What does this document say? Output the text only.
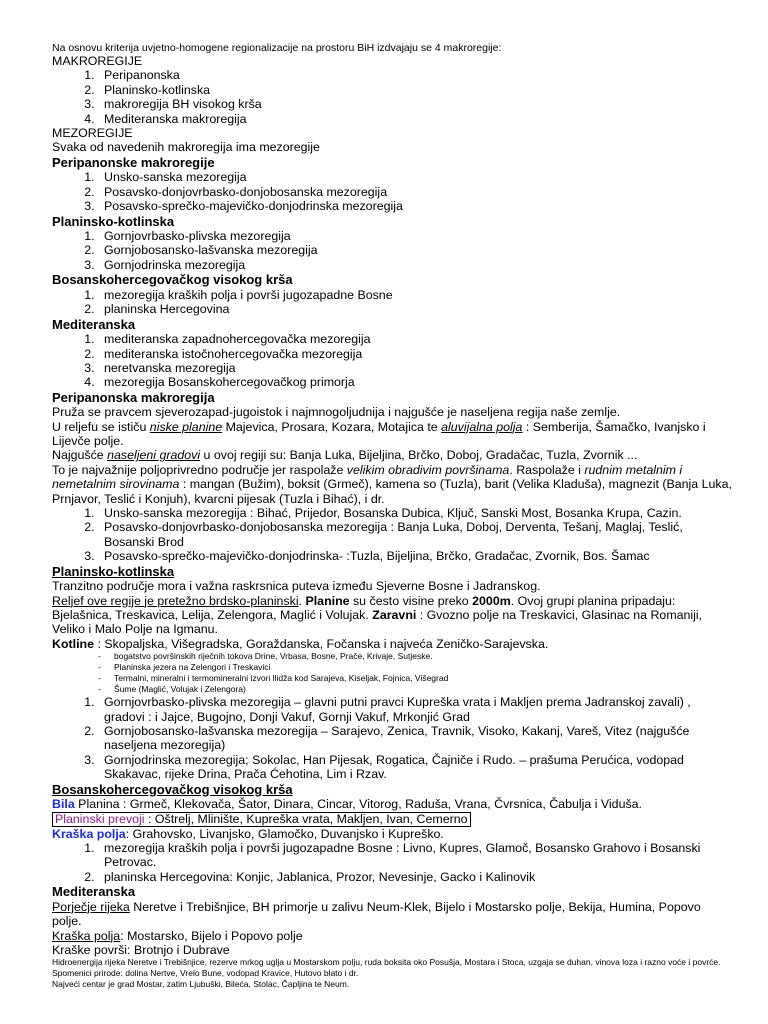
Na osnovu kriterija uvjetno-homogene regionalizacije na prostoru BiH izdvajaju se 4 makroregije:

MAKROREGIJE

1. Peripanonska
2. Planinsko-kotlinska
3. makroregija BH visokog krša
4. Mediteranska makroregija

MEZOREGIJE

Svaka od navedenih makroregija ima mezoregije

Peripanonske makroregije

1. Unsko-sanska mezoregija
2. Posavsko-donjovrbasko-donjobosanska mezoregija
3. Posavsko-sprečko-majevičko-donjodrinska mezoregija

Planinsko-kotlinska

1. Gornjovrbasko-plivska mezoregija
2. Gornjobosansko-lašvanska mezoregija
3. Gornjodrinska mezoregija

Bosanskohercegovačkog visokog krša

1. mezoregija kraških polja i površi jugozapadne Bosne
2. planinska Hercegovina

Mediteranska

1. mediteranska zapadnohercegovačka mezoregija
2. mediteranska istočnohercegovačka mezoregija
3. neretvanska mezoregija
4. mezoregija Bosanskohercegovačkog primorja

Peripanonska makroregija

Pruža se pravcem sjeverozapad-jugoistok i najmnogoljudnija i najgušće je naseljena regija naše zemlje.

U reljefu se ističu niske planine Majevica, Prosara, Kozara, Motajica te aluvijalna polja : Semberija, Šamačko, Ivanjsko i Lijevče polje.

Najgušće naseljeni gradovi u ovoj regiji su: Banja Luka, Bijeljina, Brčko, Doboj, Gradačac, Tuzla, Zvornik ...

To je najvažnije poljoprivredno područje jer raspolaže velikim obradivim površinama. Raspolaže i rudnim metalnim i nemetalnim sirovinama : mangan (Bužim), boksit (Grmeč), kamena so (Tuzla), barit (Velika Kladuša), magnezit (Banja Luka, Prnjavor, Teslić i Konjuh), kvarcni pijesak (Tuzla i Bihać), i dr.

1. Unsko-sanska mezoregija : Bihać, Prijedor, Bosanska Dubica, Ključ, Sanski Most, Bosanka Krupa, Cazin.
2. Posavsko-donjovrbasko-donjobosanska mezoregija : Banja Luka, Doboj, Derventa, Tešanj, Maglaj, Teslić, Bosanski Brod
3. Posavsko-sprečko-majevičko-donjodrinska- :Tuzla, Bijeljina, Brčko, Gradačac, Zvornik, Bos. Šamac

Planinsko-kotlinska

Tranzitno područje mora i važna raskrsnica puteva između Sjeverne Bosne i Jadranskog.

Reljef ove regije je pretežno brdsko-planinski. Planine su često visine preko 2000m. Ovoj grupi planina pripadaju: Bjelašnica, Treskavica, Lelija, Zelengora, Maglić i Volujak. Zaravni : Gvozno polje na Treskavici, Glasinac na Romaniji, Veliko i Malo Polje na Igmanu.

Kotline : Skopaljska, Višegradska, Goraždanska, Fočanska i najveća Zeničko-Sarajevska.

- bogatstvo površinskih riječnih tokova Drine, Vrbasa, Bosne, Prače, Krivaje, Sutjeske.
- Planinska jezera na Zelengori i Treskavici
- Termalni, mineralni i termomineralni izvori llidža kod Sarajeva, Kiseljak, Fojnica, Višegrad
- Šume (Maglić, Volujak i Zelengora)
1. Gornjovrbasko-plivska mezoregija – glavni putni pravci Kupreška vrata i Makljen prema Jadranskoj zavali) , gradovi : i Jajce, Bugojno, Donji Vakuf, Gornji Vakuf, Mrkonjić Grad
2. Gornjobosansko-lašvanska mezoregija – Sarajevo, Zenica, Travnik, Visoko, Kakanj, Vareš, Vitez (najgušće naseljena mezoregija)
3. Gornjodrinska mezoregija; Sokolac, Han Pijesak, Rogatica, Čajniče i Rudo. – prašuma Perućica, vodopad Skakavac, rijeke Drina, Prača Ćehotina, Lim i Rzav.

Bosanskohercegovačkog visokog krša

Bila Planina : Grmeč, Klekovača, Šator, Dinara, Cincar, Vitorog, Raduša, Vrana, Čvrsnica, Čabulja i Viduša.

Planinski prevoji : Oštrelj, Mlinište, Kupreška vrata, Makljen, Ivan, Cemerno

Kraška polja: Grahovsko, Livanjsko, Glamočko, Duvanjsko i Kupreško.

1. mezoregija kraških polja i površi jugozapadne Bosne : Livno, Kupres, Glamoč, Bosansko Grahovo i Bosanski Petrovac.
2. planinska Hercegovina: Konjic, Jablanica, Prozor, Nevesinje, Gacko i Kalinovik

Mediteranska

Porječje rijeka Neretve i Trebišnjice, BH primorje u zalivu Neum-Klek, Bijelo i Mostarsko polje, Bekija, Humina, Popovo polje.

Kraška polja: Mostarsko, Bijelo i Popovo polje

Kraške površi: Brotnjo i Dubrave

Hidroenergija rijeka Neretve i Trebišnjice, rezerve mrkog uglja u Mostarskom polju, ruda boksita oko Posušja, Mostara i Stoca, uzgaja se duhan, vinova loza i razno voće i povrće.

Spomenici prirode: dolina Nertve, Vrelo Bune, vodopad Kravice, Hutovo blato i dr.

Najveći centar je grad Mostar, zatim Ljubuški, Bileća, Stolac, Čapljina te Neum.
